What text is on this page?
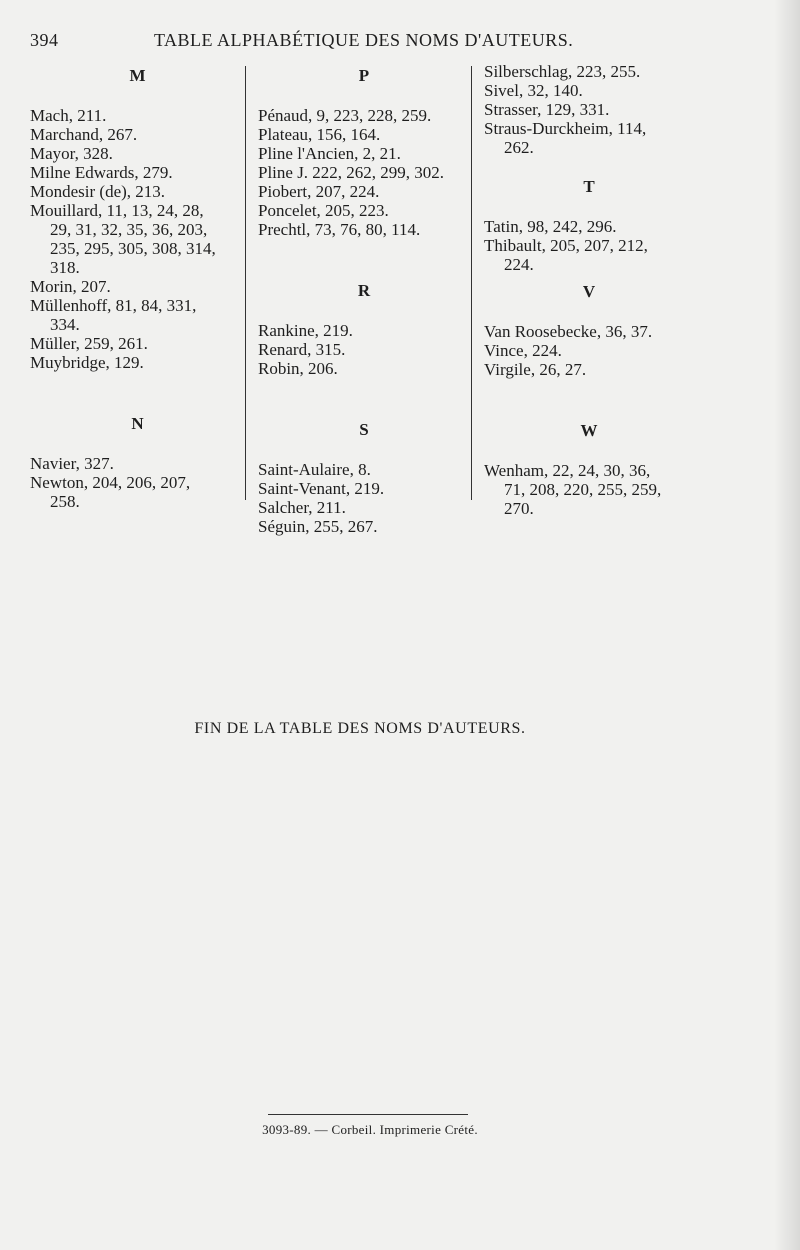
394	TABLE ALPHABÉTIQUE DES NOMS D'AUTEURS.
M
Mach, 211.
Marchand, 267.
Mayor, 328.
Milne Edwards, 279.
Mondesir (de), 213.
Mouillard, 11, 13, 24, 28,
29, 31, 32, 35, 36, 203,
235, 295, 305, 308, 314,
318.
Morin, 207.
Müllenhoff, 81, 84, 331,
334.
Müller, 259, 261.
Muybridge, 129.
N
Navier, 327.
Newton, 204, 206, 207,
258.
P
Pénaud, 9, 223, 228, 259.
Plateau, 156, 164.
Pline l'Ancien, 2, 21.
Pline J. 222, 262, 299, 302.
Piobert, 207, 224.
Poncelet, 205, 223.
Prechtl, 73, 76, 80, 114.
R
Rankine, 219.
Renard, 315.
Robin, 206.
S
Saint-Aulaire, 8.
Saint-Venant, 219.
Salcher, 211.
Séguin, 255, 267.
Silberschlag, 223, 255.
Sivel, 32, 140.
Strasser, 129, 331.
Straus-Durckheim, 114,
262.
T
Tatin, 98, 242, 296.
Thibault, 205, 207, 212,
224.
V
Van Roosebecke, 36, 37.
Vince, 224.
Virgile, 26, 27.
W
Wenham, 22, 24, 30, 36,
71, 208, 220, 255, 259,
270.
FIN DE LA TABLE DES NOMS D'AUTEURS.
3093-89. — Corbeil. Imprimerie Crété.
